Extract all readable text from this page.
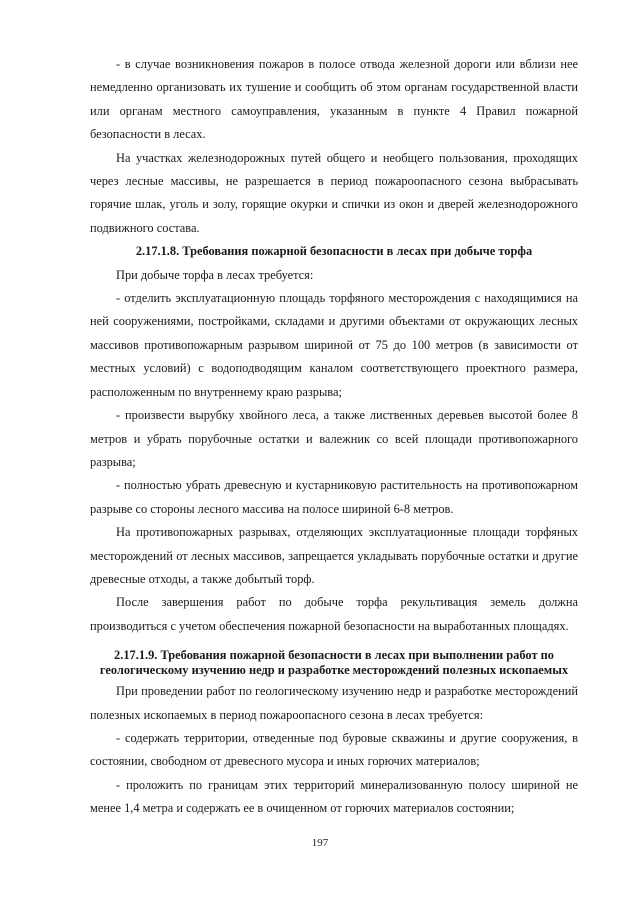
- в случае возникновения пожаров в полосе отвода железной дороги или вблизи нее немедленно организовать их тушение и сообщить об этом органам государственной власти или органам местного самоуправления, указанным в пункте 4 Правил пожарной безопасности в лесах.

На участках железнодорожных путей общего и необщего пользования, проходящих через лесные массивы, не разрешается в период пожароопасного сезона выбрасывать горячие шлак, уголь и золу, горящие окурки и спички из окон и дверей железнодорожного подвижного состава.

2.17.1.8. Требования пожарной безопасности в лесах при добыче торфа

При добыче торфа в лесах требуется:

- отделить эксплуатационную площадь торфяного месторождения с находящимися на ней сооружениями, постройками, складами и другими объектами от окружающих лесных массивов противопожарным разрывом шириной от 75 до 100 метров (в зависимости от местных условий) с водоподводящим каналом соответствующего проектного размера, расположенным по внутреннему краю разрыва;

- произвести вырубку хвойного леса, а также лиственных деревьев высотой более 8 метров и убрать порубочные остатки и валежник со всей площади противопожарного разрыва;

- полностью убрать древесную и кустарниковую растительность на противопожарном разрыве со стороны лесного массива на полосе шириной 6-8 метров.

На противопожарных разрывах, отделяющих эксплуатационные площади торфяных месторождений от лесных массивов, запрещается укладывать порубочные остатки и другие древесные отходы, а также добытый торф.

После завершения работ по добыче торфа рекультивация земель должна производиться с учетом обеспечения пожарной безопасности на выработанных площадях.

2.17.1.9. Требования пожарной безопасности в лесах при выполнении работ по геологическому изучению недр и разработке месторождений полезных ископаемых

При проведении работ по геологическому изучению недр и разработке месторождений полезных ископаемых в период пожароопасного сезона в лесах требуется:

- содержать территории, отведенные под буровые скважины и другие сооружения, в состоянии, свободном от древесного мусора и иных горючих материалов;

- проложить по границам этих территорий минерализованную полосу шириной не менее 1,4 метра и содержать ее в очищенном от горючих материалов состоянии;

197
